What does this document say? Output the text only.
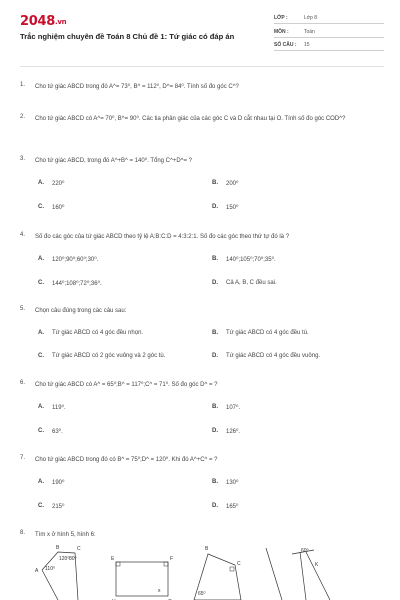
2048.vn
Trắc nghiệm chuyên đề Toán 8 Chủ đề 1: Tứ giác có đáp án
LỚP :	Lớp 8
MÔN :	Toán
SỐ CÂU : 15
1. Cho tứ giác ABCD trong đó A^= 73⁰, B^ = 112⁰, D^= 84⁰. Tính số đo góc C^?
2. Cho tứ giác ABCD có A^= 70⁰, B^= 90⁰. Các tia phân giác của các góc C và D cắt nhau tại O. Tính số đo góc COD^?
3. Cho tứ giác ABCD, trong đó A^+B^ = 140⁰. Tổng C^+D^= ?
A. 220⁰	B. 200⁰
C. 160⁰	D. 150⁰
4. Số đo các góc của tứ giác ABCD theo tỷ lệ A:B:C:D = 4:3:2:1. Số đo các góc theo thứ tự đó là ?
A. 120⁰;90⁰;60⁰;30⁰.	B. 140⁰;105⁰;70⁰;35⁰.
C. 144⁰;108⁰;72⁰;36⁰.	D. Cả A, B, C đều sai.
5. Chọn câu đúng trong các câu sau:
A. Tứ giác ABCD có 4 góc đều nhọn.	B. Tứ giác ABCD có 4 góc đều tù.
C. Tứ giác ABCD có 2 góc vuông và 2 góc tù.	D. Tứ giác ABCD có 4 góc đều vuông.
6. Cho tứ giác ABCD có A^ = 65⁰;B^ = 117⁰;C^ = 71⁰. Số đo góc D^ = ?
A. 119⁰.	B. 107⁰.
C. 63⁰.	D. 126⁰.
7. Cho tứ giác ABCD trong đó có B^ = 75⁰;D^ = 120⁰. Khi đó A^+C^ = ?
A. 190⁰	B. 130⁰
C. 215⁰	D. 165⁰
8. Tìm x ở hình 5, hình 6:
B	C
A
120⁰ 80⁰
110⁰
E	F
x
B
C
65⁰
60⁰
K
